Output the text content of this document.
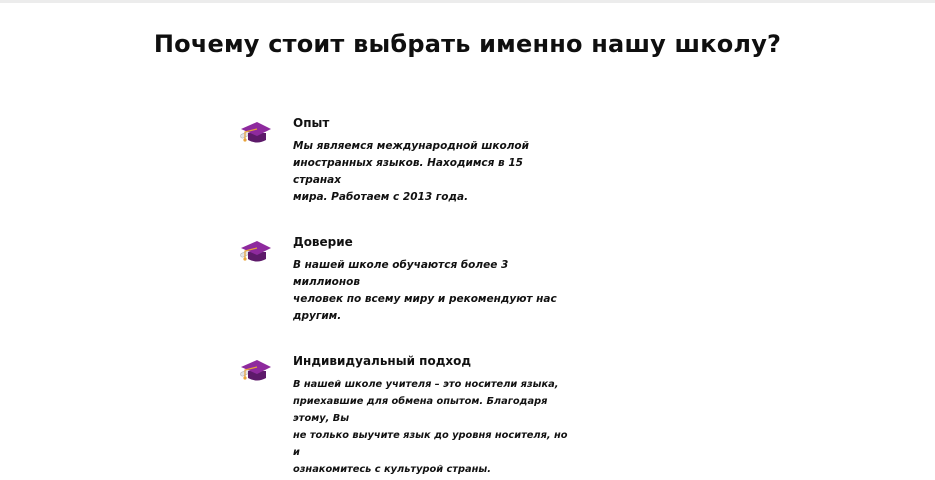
Почему стоит выбрать именно нашу школу?
Опыт

Мы являемся международной школой
иностранных языков. Находимся в 15 странах
мира. Работаем с 2013 года.

Доверие

В нашей школе обучаются более 3 миллионов
человек по всему миру и рекомендуют нас
другим.

Индивидуальный подход

В нашей школе учителя – это носители языка,
приехавшие для обмена опытом. Благодаря этому, Вы
не только выучите язык до уровня носителя, но и
ознакомитесь с культурой страны.
